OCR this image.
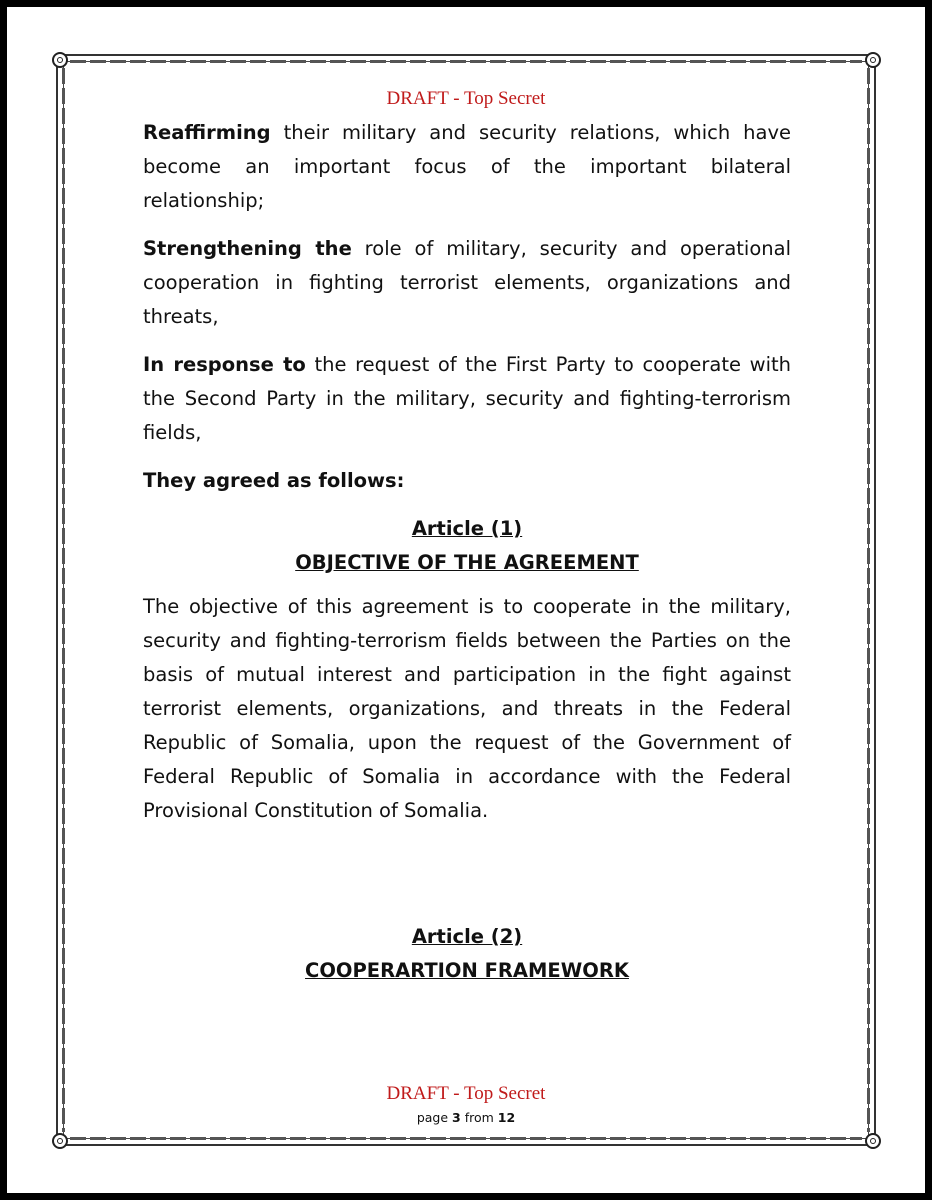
DRAFT - Top Secret

Reaffirming their military and security relations, which have become an important focus of the important bilateral relationship;

Strengthening the role of military, security and operational cooperation in fighting terrorist elements, organizations and threats,

In response to the request of the First Party to cooperate with the Second Party in the military, security and fighting-terrorism fields,

They agreed as follows:

Article (1)

OBJECTIVE OF THE AGREEMENT

The objective of this agreement is to cooperate in the military, security and fighting-terrorism fields between the Parties on the basis of mutual interest and participation in the fight against terrorist elements, organizations, and threats in the Federal Republic of Somalia, upon the request of the Government of Federal Republic of Somalia in accordance with the Federal Provisional Constitution of Somalia.

Article (2)

COOPERARTION FRAMEWORK

DRAFT - Top Secret
page 3 from 12
